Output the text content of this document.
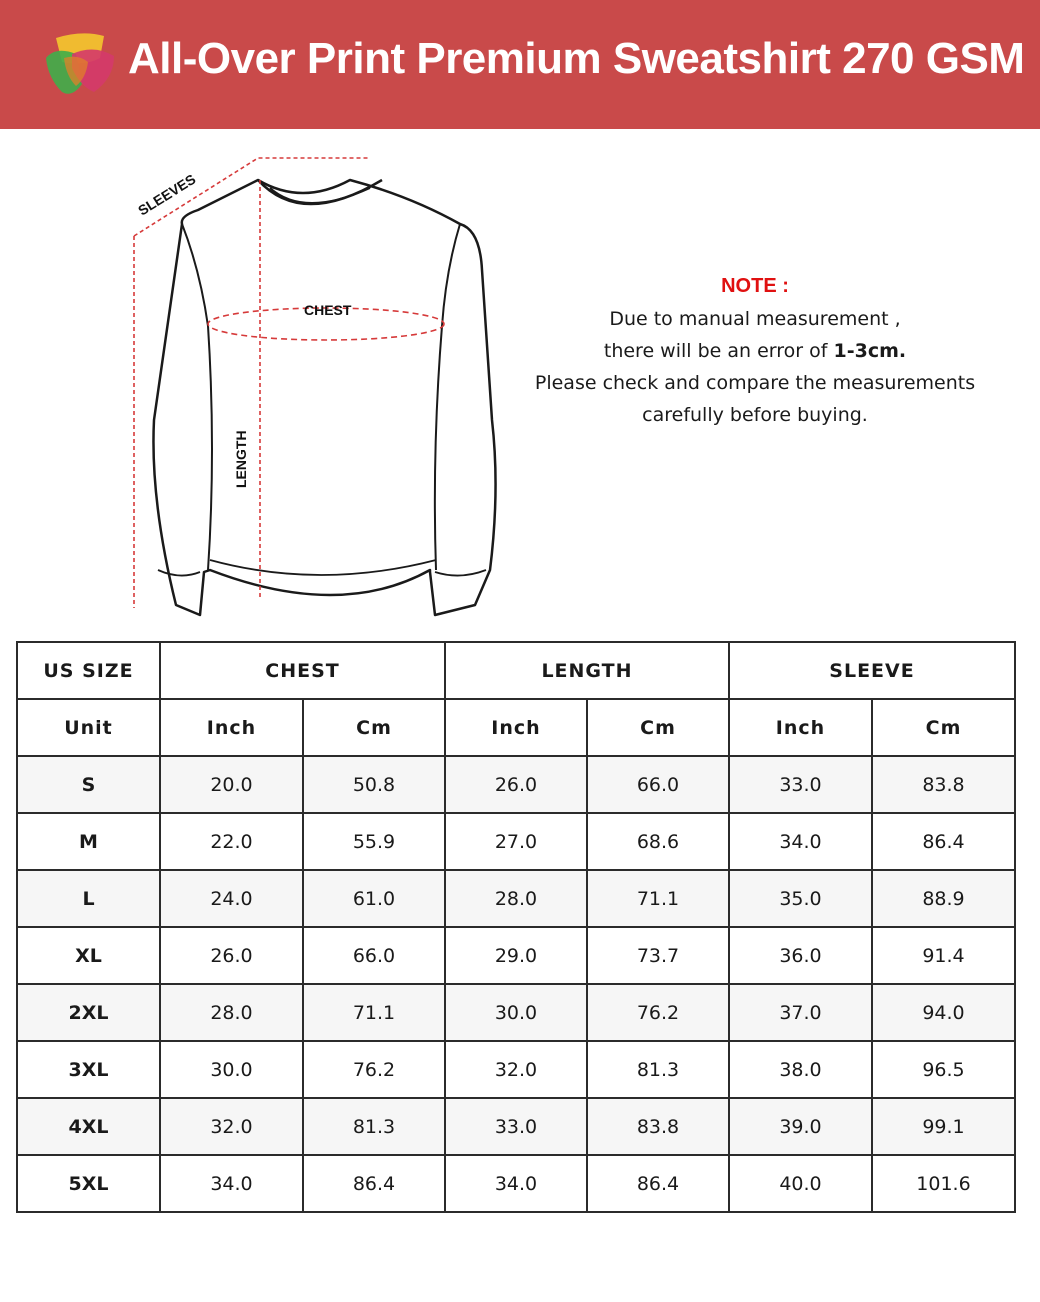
All-Over Print Premium Sweatshirt 270 GSM
SLEEVES
CHEST
LENGTH
NOTE :
Due to manual measurement ,
there will be an error of 1-3cm.
Please check and compare the measurements
carefully before buying.
US SIZE	CHEST		LENGTH		SLEEVE	
Unit	Inch	Cm	Inch	Cm	Inch	Cm
S	20.0	50.8	26.0	66.0	33.0	83.8
M	22.0	55.9	27.0	68.6	34.0	86.4
L	24.0	61.0	28.0	71.1	35.0	88.9
XL	26.0	66.0	29.0	73.7	36.0	91.4
2XL	28.0	71.1	30.0	76.2	37.0	94.0
3XL	30.0	76.2	32.0	81.3	38.0	96.5
4XL	32.0	81.3	33.0	83.8	39.0	99.1
5XL	34.0	86.4	34.0	86.4	40.0	101.6
